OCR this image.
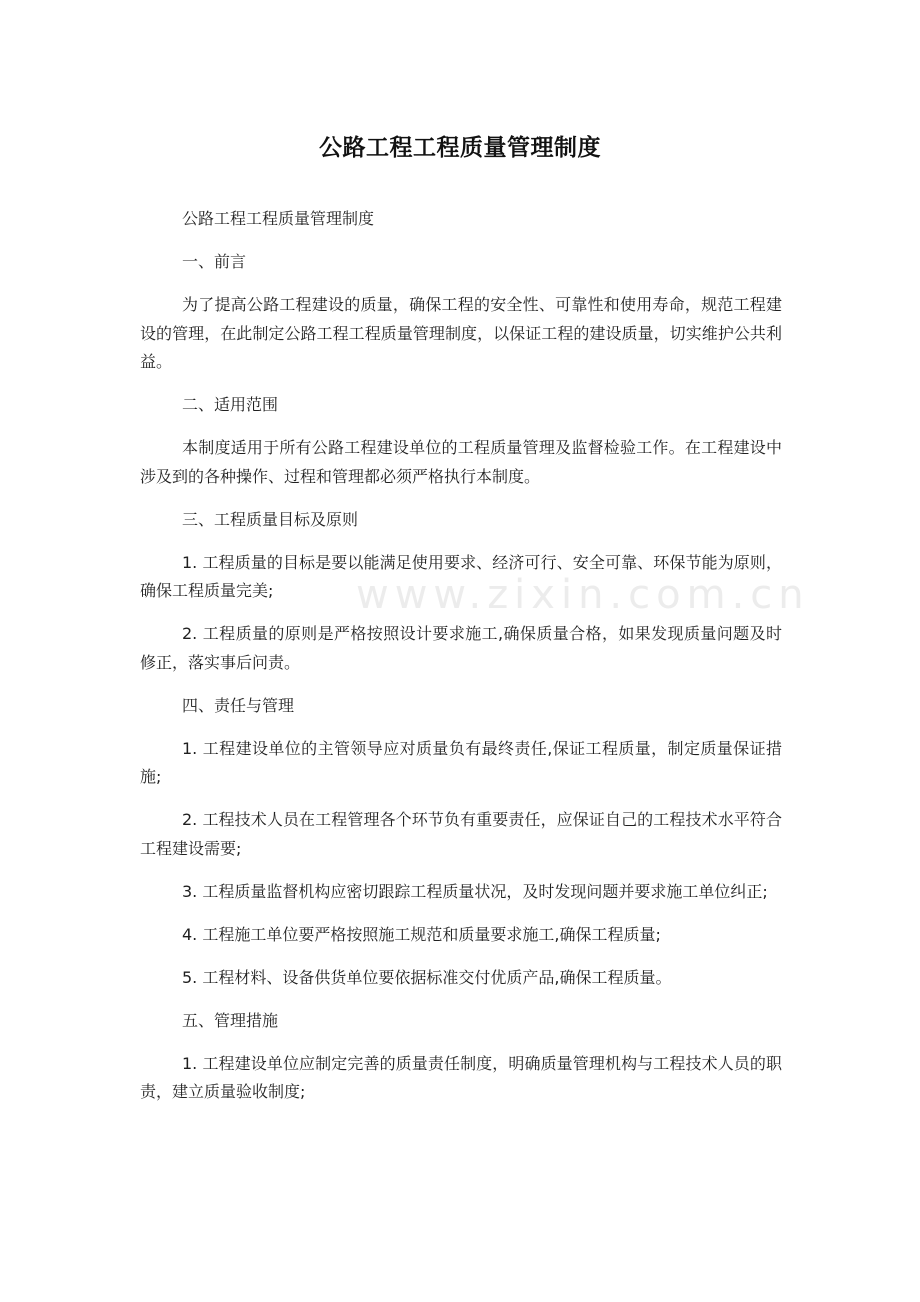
www.zixin.com.cn
公路工程工程质量管理制度

公路工程工程质量管理制度

一、前言

为了提高公路工程建设的质量，确保工程的安全性、可靠性和使用寿命，规范工程建设的管理，在此制定公路工程工程质量管理制度，以保证工程的建设质量，切实维护公共利益。

二、适用范围

本制度适用于所有公路工程建设单位的工程质量管理及监督检验工作。在工程建设中涉及到的各种操作、过程和管理都必须严格执行本制度。

三、工程质量目标及原则

1. 工程质量的目标是要以能满足使用要求、经济可行、安全可靠、环保节能为原则，确保工程质量完美;

2. 工程质量的原则是严格按照设计要求施工,确保质量合格，如果发现质量问题及时修正，落实事后问责。

四、责任与管理

1. 工程建设单位的主管领导应对质量负有最终责任,保证工程质量，制定质量保证措施;

2. 工程技术人员在工程管理各个环节负有重要责任，应保证自己的工程技术水平符合工程建设需要;

3. 工程质量监督机构应密切跟踪工程质量状况，及时发现问题并要求施工单位纠正;

4. 工程施工单位要严格按照施工规范和质量要求施工,确保工程质量;

5. 工程材料、设备供货单位要依据标准交付优质产品,确保工程质量。

五、管理措施

1. 工程建设单位应制定完善的质量责任制度，明确质量管理机构与工程技术人员的职责，建立质量验收制度;
